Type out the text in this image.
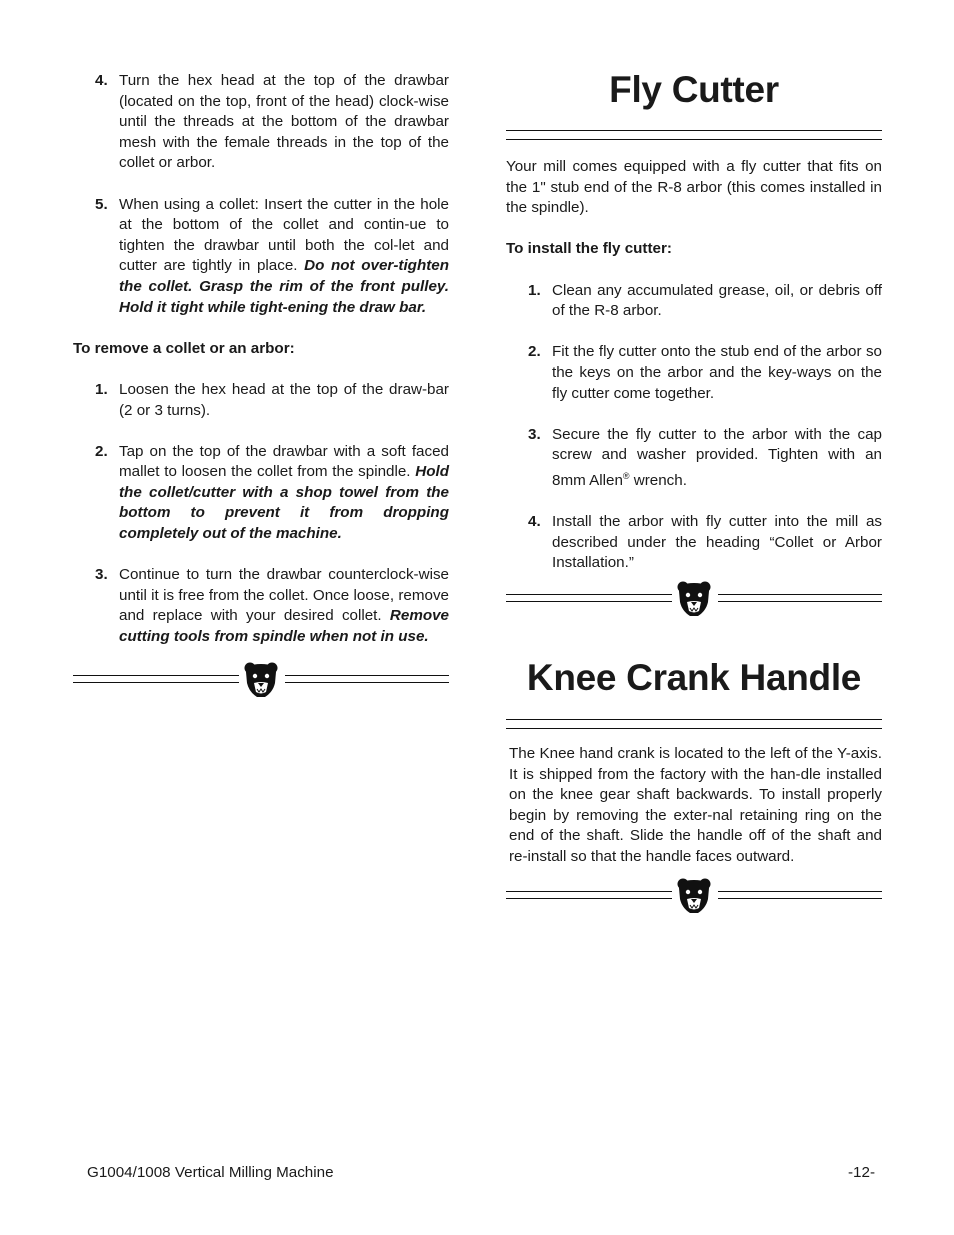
4. Turn the hex head at the top of the drawbar (located on the top, front of the head) clock-wise until the threads at the bottom of the drawbar mesh with the female threads in the top of the collet or arbor.
5. When using a collet: Insert the cutter in the hole at the bottom of the collet and contin-ue to tighten the drawbar until both the col-let and cutter are tightly in place. Do not over-tighten the collet. Grasp the rim of the front pulley. Hold it tight while tight-ening the draw bar.
To remove a collet or an arbor:
1. Loosen the hex head at the top of the draw-bar (2 or 3 turns).
2. Tap on the top of the drawbar with a soft faced mallet to loosen the collet from the spindle. Hold the collet/cutter with a shop towel from the bottom to prevent it from dropping completely out of the machine.
3. Continue to turn the drawbar counterclock-wise until it is free from the collet. Once loose, remove and replace with your desired collet. Remove cutting tools from spindle when not in use.
Fly Cutter

Your mill comes equipped with a fly cutter that fits on the 1" stub end of the R-8 arbor (this comes installed in the spindle).

To install the fly cutter:
1. Clean any accumulated grease, oil, or debris off of the R-8 arbor.
2. Fit the fly cutter onto the stub end of the arbor so the keys on the arbor and the key-ways on the fly cutter come together.
3. Secure the fly cutter to the arbor with the cap screw and washer provided. Tighten with an 8mm Allen® wrench.
4. Install the arbor with fly cutter into the mill as described under the heading “Collet or Arbor Installation.”
Knee Crank Handle

The Knee hand crank is located to the left of the Y-axis. It is shipped from the factory with the han-dle installed on the knee gear shaft backwards. To install properly begin by removing the exter-nal retaining ring on the end of the shaft. Slide the handle off of the shaft and re-install so that the handle faces outward.

G1004/1008 Vertical Milling Machine	-12-
